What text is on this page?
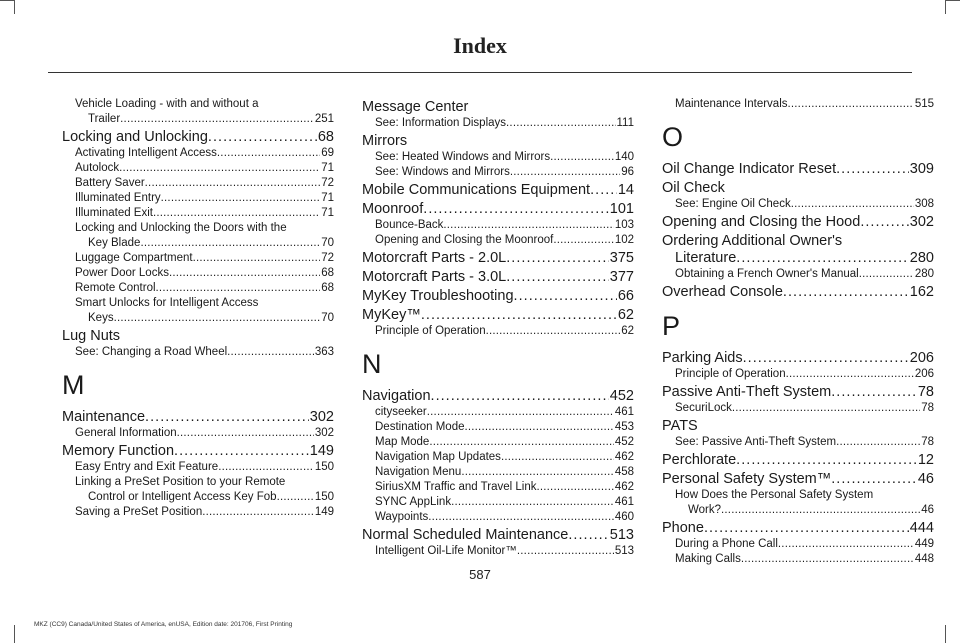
Index
Vehicle Loading - with and without a
Trailer . . .	251
Locking and Unlocking . . .	68
Activating Intelligent Access . . .	69
Autolock . . .	71
Battery Saver . . .	72
Illuminated Entry . . .	71
Illuminated Exit . . .	71
Locking and Unlocking the Doors with the
Key Blade . . .	70
Luggage Compartment . . .	72
Power Door Locks . . .	68
Remote Control . . .	68
Smart Unlocks for Intelligent Access
Keys . . .	70
Lug Nuts
See: Changing a Road Wheel . . .	363
M
Maintenance . . .	302
General Information . . .	302
Memory Function . . .	149
Easy Entry and Exit Feature . . .	150
Linking a PreSet Position to your Remote
Control or Intelligent Access Key Fob . . .	150
Saving a PreSet Position . . .	149
Message Center
See: Information Displays . . .	111
Mirrors
See: Heated Windows and Mirrors . . .	140
See: Windows and Mirrors . . .	96
Mobile Communications Equipment . . . 14
Moonroof . . .	101
Bounce-Back . . .	103
Opening and Closing the Moonroof . . .	102
Motorcraft Parts - 2.0L . . .	375
Motorcraft Parts - 3.0L . . .	377
MyKey Troubleshooting . . .	66
MyKey™ . . .	62
Principle of Operation . . .	62
N
Navigation . . .	452
cityseeker . . .	461
Destination Mode . . .	453
Map Mode . . .	452
Navigation Map Updates . . .	462
Navigation Menu . . .	458
SiriusXM Traffic and Travel Link . . .	462
SYNC AppLink . . .	461
Waypoints . . .	460
Normal Scheduled Maintenance . . .	513
Intelligent Oil-Life Monitor™ . . .	513
Maintenance Intervals . . .	515
O
Oil Change Indicator Reset . . .	309
Oil Check
See: Engine Oil Check . . .	308
Opening and Closing the Hood . . .	302
Ordering Additional Owner's
Literature . . .	280
Obtaining a French Owner's Manual . . .	280
Overhead Console . . .	162
P
Parking Aids . . .	206
Principle of Operation . . .	206
Passive Anti-Theft System . . .	78
SecuriLock . . .	78
PATS
See: Passive Anti-Theft System . . .	78
Perchlorate . . .	12
Personal Safety System™ . . .	46
How Does the Personal Safety System
Work? . . .	46
Phone . . .	444
During a Phone Call . . .	449
Making Calls . . .	448
587
MKZ (CC9) Canada/United States of America, enUSA, Edition date: 201706, First Printing
